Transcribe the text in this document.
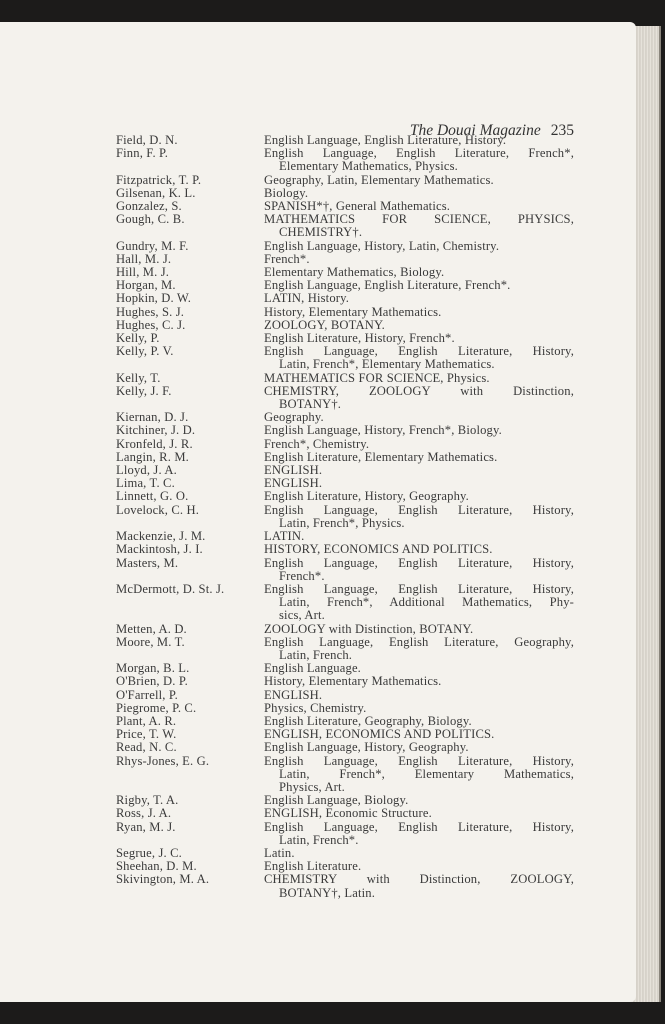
The Douai Magazine 235
Field, D. N.	English Language, English Literature, History.
Finn, F. P.	English Language, English Literature, French*,
Elementary Mathematics, Physics.
Fitzpatrick, T. P.	Geography, Latin, Elementary Mathematics.
Gilsenan, K. L.	Biology.
Gonzalez, S.	SPANISH*†, General Mathematics.
Gough, C. B.	MATHEMATICS FOR SCIENCE, PHYSICS,
CHEMISTRY†.
Gundry, M. F.	English Language, History, Latin, Chemistry.
Hall, M. J.	French*.
Hill, M. J.	Elementary Mathematics, Biology.
Horgan, M.	English Language, English Literature, French*.
Hopkin, D. W.	LATIN, History.
Hughes, S. J.	History, Elementary Mathematics.
Hughes, C. J.	ZOOLOGY, BOTANY.
Kelly, P.	English Literature, History, French*.
Kelly, P. V.	English Language, English Literature, History,
Latin, French*, Elementary Mathematics.
Kelly, T.	MATHEMATICS FOR SCIENCE, Physics.
Kelly, J. F.	CHEMISTRY, ZOOLOGY with Distinction,
BOTANY†.
Kiernan, D. J.	Geography.
Kitchiner, J. D.	English Language, History, French*, Biology.
Kronfeld, J. R.	French*, Chemistry.
Langin, R. M.	English Literature, Elementary Mathematics.
Lloyd, J. A.	ENGLISH.
Lima, T. C.	ENGLISH.
Linnett, G. O.	English Literature, History, Geography.
Lovelock, C. H.	English Language, English Literature, History,
Latin, French*, Physics.
Mackenzie, J. M.	LATIN.
Mackintosh, J. I.	HISTORY, ECONOMICS AND POLITICS.
Masters, M.	English Language, English Literature, History,
French*.
McDermott, D. St. J.	English Language, English Literature, History,
Latin, French*, Additional Mathematics, Phy-
sics, Art.
Metten, A. D.	ZOOLOGY with Distinction, BOTANY.
Moore, M. T.	English Language, English Literature, Geography,
Latin, French.
Morgan, B. L.	English Language.
O'Brien, D. P.	History, Elementary Mathematics.
O'Farrell, P.	ENGLISH.
Piegrome, P. C.	Physics, Chemistry.
Plant, A. R.	English Literature, Geography, Biology.
Price, T. W.	ENGLISH, ECONOMICS AND POLITICS.
Read, N. C.	English Language, History, Geography.
Rhys-Jones, E. G.	English Language, English Literature, History,
Latin, French*, Elementary Mathematics,
Physics, Art.
Rigby, T. A.	English Language, Biology.
Ross, J. A.	ENGLISH, Economic Structure.
Ryan, M. J.	English Language, English Literature, History,
Latin, French*.
Segrue, J. C.	Latin.
Sheehan, D. M.	English Literature.
Skivington, M. A.	CHEMISTRY with Distinction, ZOOLOGY,
BOTANY†, Latin.
